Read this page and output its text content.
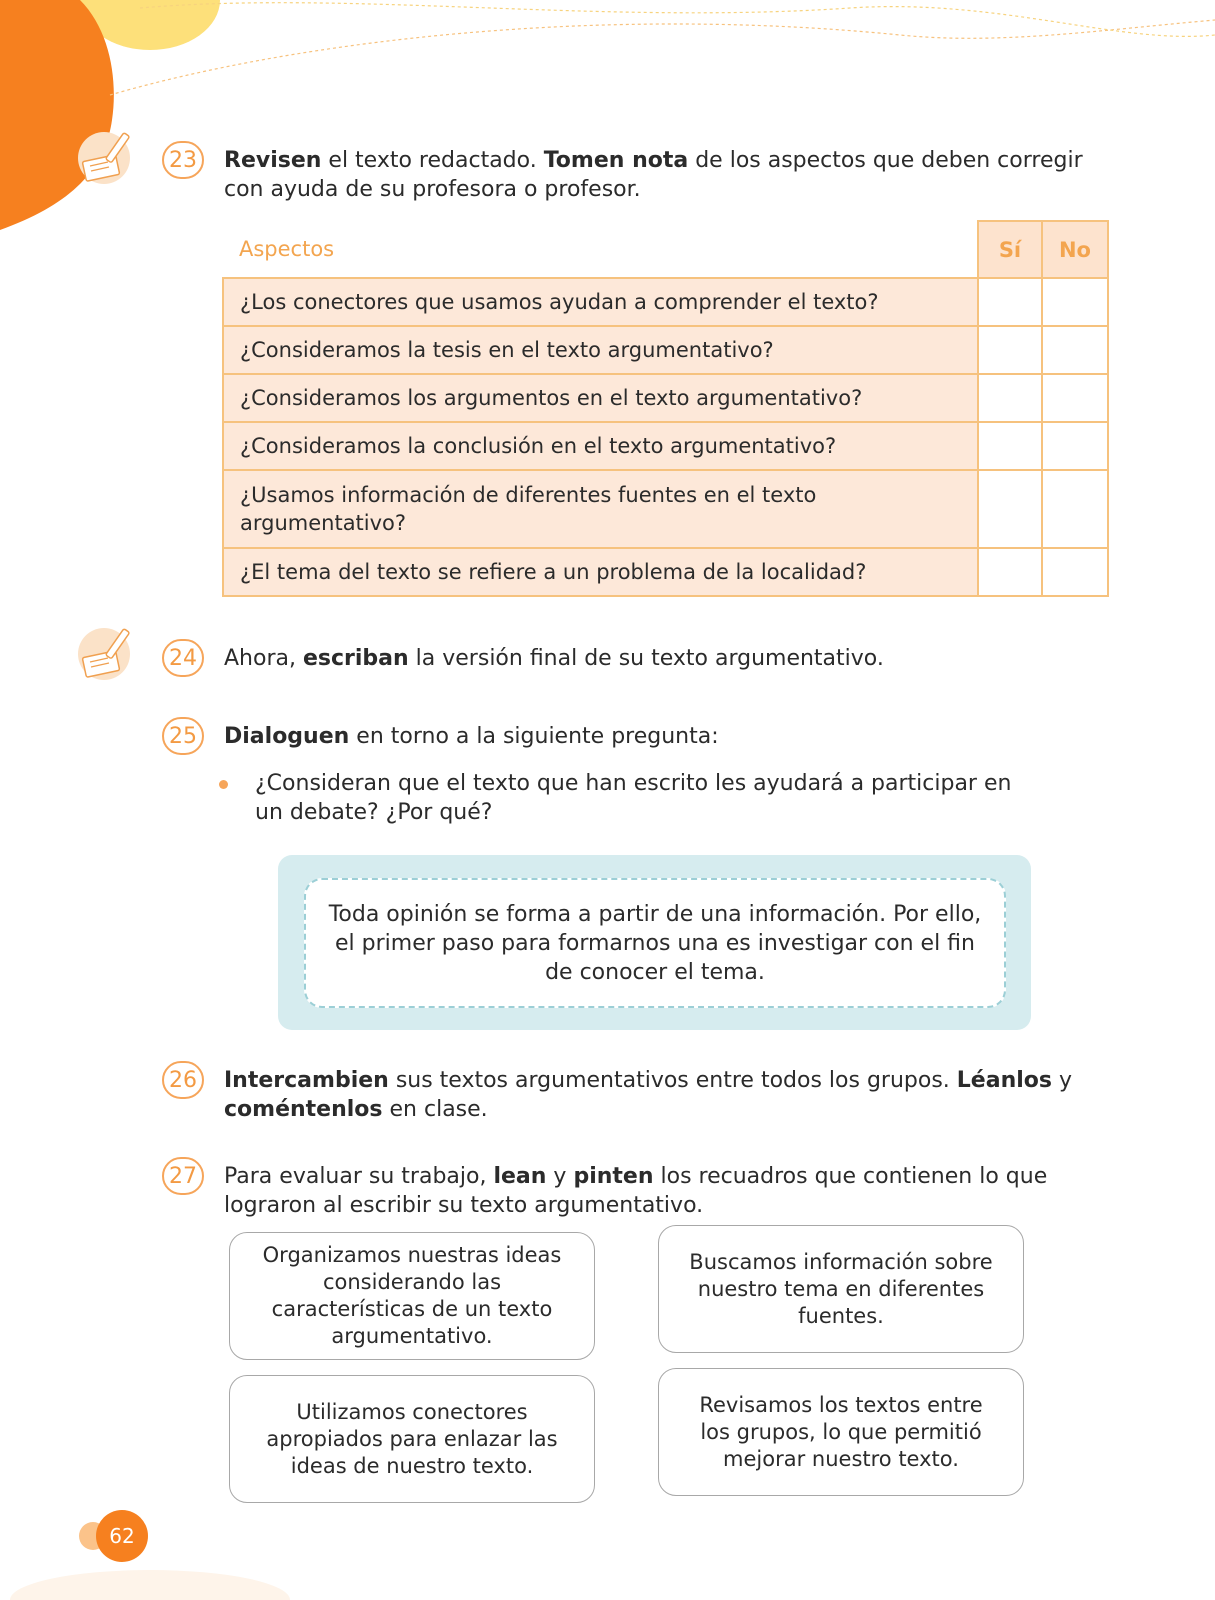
23	Revisen el texto redactado. Tomen nota de los aspectos que deben corregir con ayuda de su profesora o profesor.
Aspectos	Sí	No
¿Los conectores que usamos ayudan a comprender el texto?		
¿Consideramos la tesis en el texto argumentativo?		
¿Consideramos los argumentos en el texto argumentativo?		
¿Consideramos la conclusión en el texto argumentativo?		
¿Usamos información de diferentes fuentes en el texto argumentativo?		
¿El tema del texto se refiere a un problema de la localidad?		
24	Ahora, escriban la versión final de su texto argumentativo.
25	Dialoguen en torno a la siguiente pregunta:
¿Consideran que el texto que han escrito les ayudará a participar en un debate? ¿Por qué?
Toda opinión se forma a partir de una información. Por ello, el primer paso para formarnos una es investigar con el fin de conocer el tema.
26	Intercambien sus textos argumentativos entre todos los grupos. Léanlos y coméntenlos en clase.
27	Para evaluar su trabajo, lean y pinten los recuadros que contienen lo que lograron al escribir su texto argumentativo.
Organizamos nuestras ideas considerando las características de un texto argumentativo.
Buscamos información sobre nuestro tema en diferentes fuentes.
Utilizamos conectores apropiados para enlazar las ideas de nuestro texto.
Revisamos los textos entre los grupos, lo que permitió mejorar nuestro texto.
62
